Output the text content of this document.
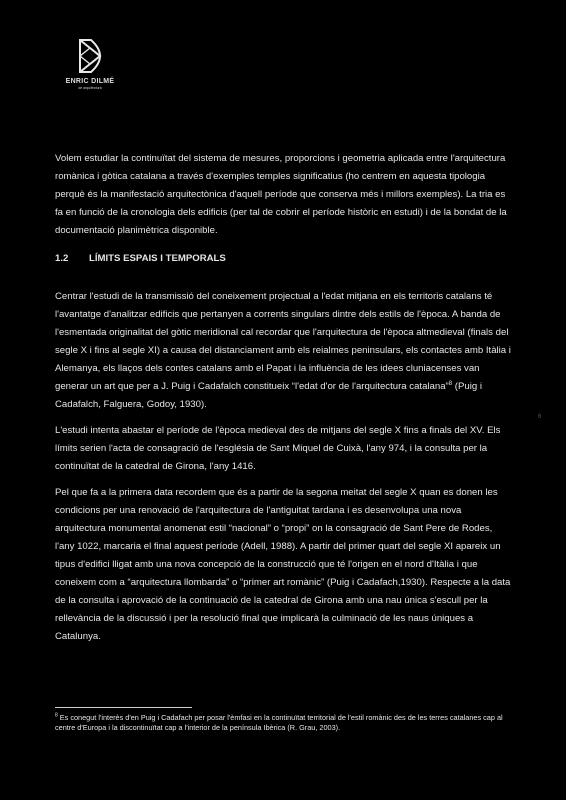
ENRIC DILMÉ
de arquitectura

Volem estudiar la continuïtat del sistema de mesures, proporcions i geometria aplicada entre l'arquitectura romànica i gòtica catalana a través d'exemples temples significatius (ho centrem en aquesta tipologia perquè és la manifestació arquitectònica d'aquell període que conserva més i millors exemples). La tria es fa en funció de la cronologia dels edificis (per tal de cobrir el període històric en estudi) i de la bondat de la documentació planimètrica disponible.

1.2 LÍMITS ESPAIS I TEMPORALS

Centrar l'estudi de la transmissió del coneixement projectual a l'edat mitjana en els territoris catalans té l'avantatge d'analitzar edificis que pertanyen a corrents singulars dintre dels estils de l'època. A banda de l'esmentada originalitat del gòtic meridional cal recordar que l'arquitectura de l'època altmedieval (finals del segle X i fins al segle XI) a causa del distanciament amb els reialmes peninsulars, els contactes amb Itàlia i Alemanya, els llaços dels contes catalans amb el Papat i la influència de les idees cluniacenses van generar un art que per a J. Puig i Cadafalch constitueix “l'edat d'or de l'arquitectura catalana”$^8$ (Puig i Cadafalch, Falguera, Godoy, 1930).

L'estudi intenta abastar el període de l'època medieval des de mitjans del segle X fins a finals del XV. Els límits serien l'acta de consagració de l'església de Sant Miquel de Cuixà, l'any 974, i la consulta per la continuïtat de la catedral de Girona, l'any 1416.

Pel que fa a la primera data recordem que és a partir de la segona meitat del segle X quan es donen les condicions per una renovació de l'arquitectura de l'antiguitat tardana i es desenvolupa una nova arquitectura monumental anomenat estil “nacional” o “propi” on la consagració de Sant Pere de Rodes, l'any 1022, marcaria el final aquest període (Adell, 1988). A partir del primer quart del segle XI apareix un tipus d'edifici lligat amb una nova concepció de la construcció que té l'origen en el nord d'Itàlia i que coneixem com a “arquitectura llombarda” o “primer art romànic” (Puig i Cadafach,1930). Respecte a la data de la consulta i aprovació de la continuació de la catedral de Girona amb una nau única s'escull per la rellevància de la discussió i per la resolució final que implicarà la culminació de les naus úniques a Catalunya.

6
$^8$ Es conegut l'interès d'en Puig i Cadafach per posar l'èmfasi en la continuïtat territorial de l'estil romànic des de les terres catalanes cap al centre d'Europa i la discontinuïtat cap a l'interior de la península Ibèrica (R. Grau, 2003).
